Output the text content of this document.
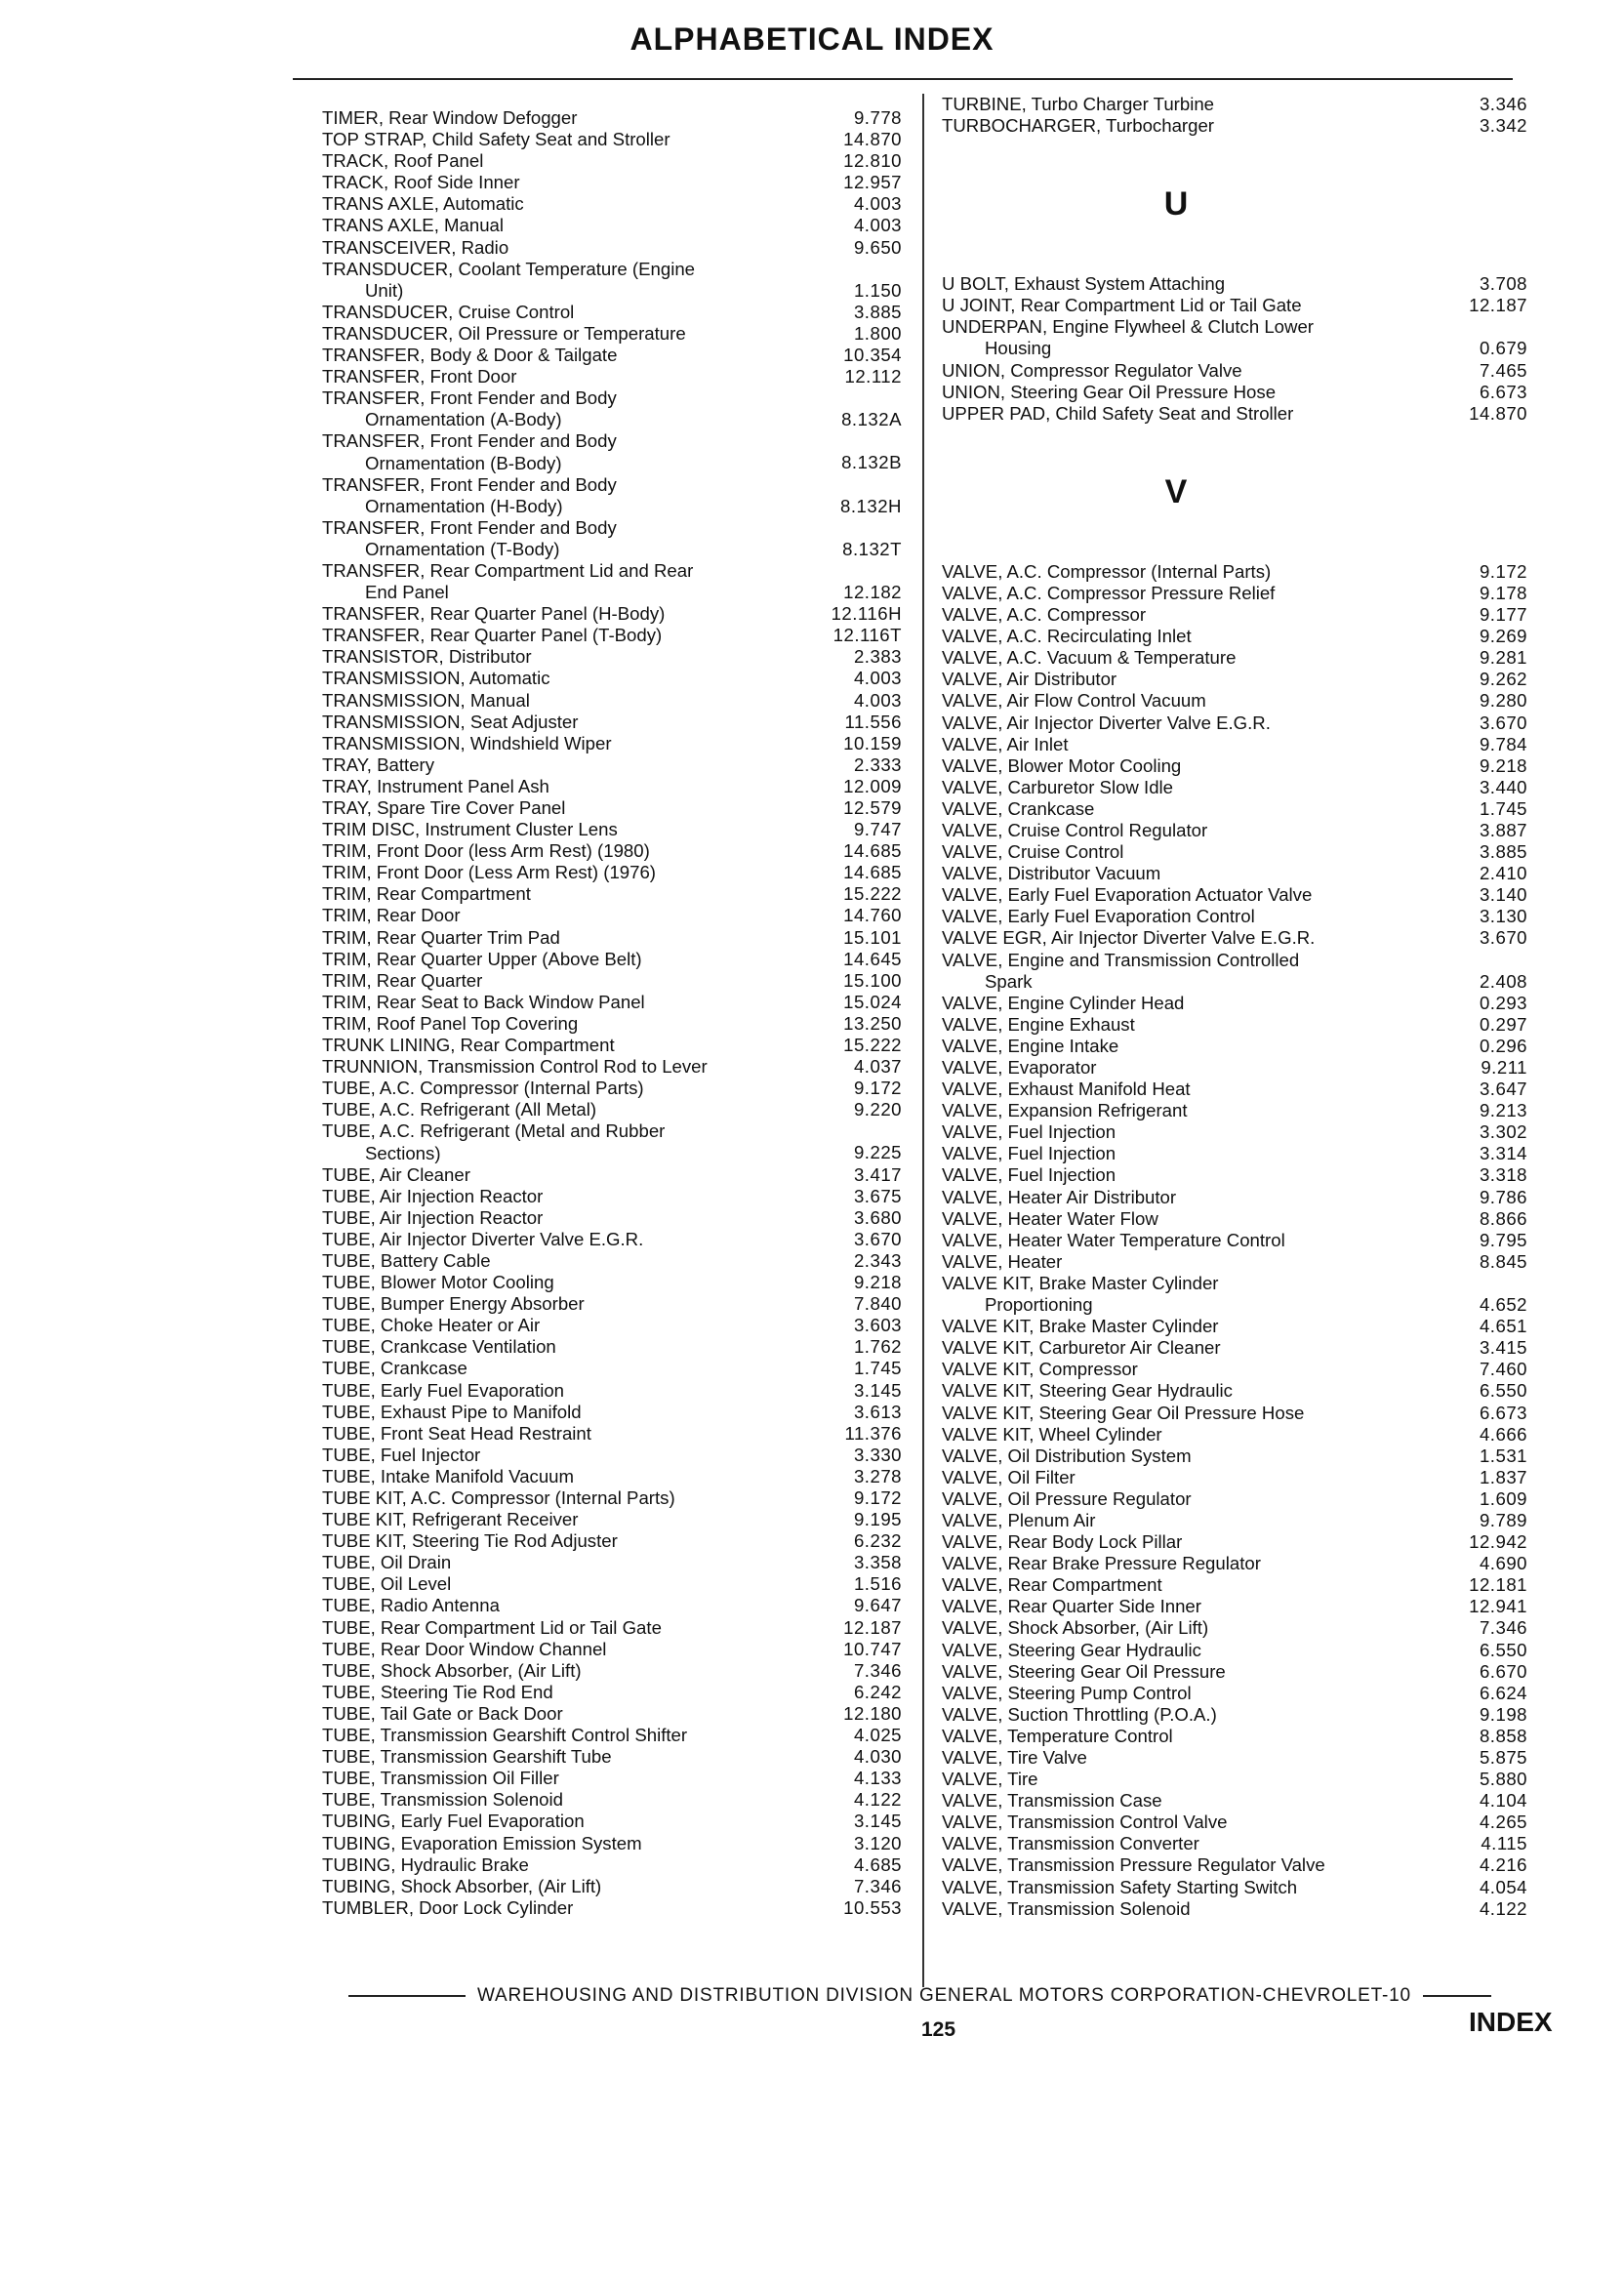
ALPHABETICAL INDEX
TIMER, Rear Window Defogger	9.778
TOP STRAP, Child Safety Seat and Stroller	14.870
TRACK, Roof Panel	12.810
TRACK, Roof Side Inner	12.957
TRANS AXLE, Automatic	4.003
TRANS AXLE, Manual	4.003
TRANSCEIVER, Radio	9.650
TRANSDUCER, Coolant Temperature (Engine
Unit)	1.150
TRANSDUCER, Cruise Control	3.885
TRANSDUCER, Oil Pressure or Temperature	1.800
TRANSFER, Body & Door & Tailgate	10.354
TRANSFER, Front Door	12.112
TRANSFER, Front Fender and Body
Ornamentation (A-Body)	8.132A
TRANSFER, Front Fender and Body
Ornamentation (B-Body)	8.132B
TRANSFER, Front Fender and Body
Ornamentation (H-Body)	8.132H
TRANSFER, Front Fender and Body
Ornamentation (T-Body)	8.132T
TRANSFER, Rear Compartment Lid and Rear
End Panel	12.182
TRANSFER, Rear Quarter Panel (H-Body)	12.116H
TRANSFER, Rear Quarter Panel (T-Body)	12.116T
TRANSISTOR, Distributor	2.383
TRANSMISSION, Automatic	4.003
TRANSMISSION, Manual	4.003
TRANSMISSION, Seat Adjuster	11.556
TRANSMISSION, Windshield Wiper	10.159
TRAY, Battery	2.333
TRAY, Instrument Panel Ash	12.009
TRAY, Spare Tire Cover Panel	12.579
TRIM DISC, Instrument Cluster Lens	9.747
TRIM, Front Door (less Arm Rest) (1980)	14.685
TRIM, Front Door (Less Arm Rest) (1976)	14.685
TRIM, Rear Compartment	15.222
TRIM, Rear Door	14.760
TRIM, Rear Quarter Trim Pad	15.101
TRIM, Rear Quarter Upper (Above Belt)	14.645
TRIM, Rear Quarter	15.100
TRIM, Rear Seat to Back Window Panel	15.024
TRIM, Roof Panel Top Covering	13.250
TRUNK LINING, Rear Compartment	15.222
TRUNNION, Transmission Control Rod to Lever	4.037
TUBE, A.C. Compressor (Internal Parts)	9.172
TUBE, A.C. Refrigerant (All Metal)	9.220
TUBE, A.C. Refrigerant (Metal and Rubber
Sections)	9.225
TUBE, Air Cleaner	3.417
TUBE, Air Injection Reactor	3.675
TUBE, Air Injection Reactor	3.680
TUBE, Air Injector Diverter Valve E.G.R.	3.670
TUBE, Battery Cable	2.343
TUBE, Blower Motor Cooling	9.218
TUBE, Bumper Energy Absorber	7.840
TUBE, Choke Heater or Air	3.603
TUBE, Crankcase Ventilation	1.762
TUBE, Crankcase	1.745
TUBE, Early Fuel Evaporation	3.145
TUBE, Exhaust Pipe to Manifold	3.613
TUBE, Front Seat Head Restraint	11.376
TUBE, Fuel Injector	3.330
TUBE, Intake Manifold Vacuum	3.278
TUBE KIT, A.C. Compressor (Internal Parts)	9.172
TUBE KIT, Refrigerant Receiver	9.195
TUBE KIT, Steering Tie Rod Adjuster	6.232
TUBE, Oil Drain	3.358
TUBE, Oil Level	1.516
TUBE, Radio Antenna	9.647
TUBE, Rear Compartment Lid or Tail Gate	12.187
TUBE, Rear Door Window Channel	10.747
TUBE, Shock Absorber, (Air Lift)	7.346
TUBE, Steering Tie Rod End	6.242
TUBE, Tail Gate or Back Door	12.180
TUBE, Transmission Gearshift Control Shifter	4.025
TUBE, Transmission Gearshift Tube	4.030
TUBE, Transmission Oil Filler	4.133
TUBE, Transmission Solenoid	4.122
TUBING, Early Fuel Evaporation	3.145
TUBING, Evaporation Emission System	3.120
TUBING, Hydraulic Brake	4.685
TUBING, Shock Absorber, (Air Lift)	7.346
TUMBLER, Door Lock Cylinder	10.553
TURBINE, Turbo Charger Turbine	3.346
TURBOCHARGER, Turbocharger	3.342
U
U BOLT, Exhaust System Attaching	3.708
U JOINT, Rear Compartment Lid or Tail Gate	12.187
UNDERPAN, Engine Flywheel & Clutch Lower
Housing	0.679
UNION, Compressor Regulator Valve	7.465
UNION, Steering Gear Oil Pressure Hose	6.673
UPPER PAD, Child Safety Seat and Stroller	14.870
V
VALVE, A.C. Compressor (Internal Parts)	9.172
VALVE, A.C. Compressor Pressure Relief	9.178
VALVE, A.C. Compressor	9.177
VALVE, A.C. Recirculating Inlet	9.269
VALVE, A.C. Vacuum & Temperature	9.281
VALVE, Air Distributor	9.262
VALVE, Air Flow Control Vacuum	9.280
VALVE, Air Injector Diverter Valve E.G.R.	3.670
VALVE, Air Inlet	9.784
VALVE, Blower Motor Cooling	9.218
VALVE, Carburetor Slow Idle	3.440
VALVE, Crankcase	1.745
VALVE, Cruise Control Regulator	3.887
VALVE, Cruise Control	3.885
VALVE, Distributor Vacuum	2.410
VALVE, Early Fuel Evaporation Actuator Valve	3.140
VALVE, Early Fuel Evaporation Control	3.130
VALVE EGR, Air Injector Diverter Valve E.G.R.	3.670
VALVE, Engine and Transmission Controlled
Spark	2.408
VALVE, Engine Cylinder Head	0.293
VALVE, Engine Exhaust	0.297
VALVE, Engine Intake	0.296
VALVE, Evaporator	9.211
VALVE, Exhaust Manifold Heat	3.647
VALVE, Expansion Refrigerant	9.213
VALVE, Fuel Injection	3.302
VALVE, Fuel Injection	3.314
VALVE, Fuel Injection	3.318
VALVE, Heater Air Distributor	9.786
VALVE, Heater Water Flow	8.866
VALVE, Heater Water Temperature Control	9.795
VALVE, Heater	8.845
VALVE KIT, Brake Master Cylinder
Proportioning	4.652
VALVE KIT, Brake Master Cylinder	4.651
VALVE KIT, Carburetor Air Cleaner	3.415
VALVE KIT, Compressor	7.460
VALVE KIT, Steering Gear Hydraulic	6.550
VALVE KIT, Steering Gear Oil Pressure Hose	6.673
VALVE KIT, Wheel Cylinder	4.666
VALVE, Oil Distribution System	1.531
VALVE, Oil Filter	1.837
VALVE, Oil Pressure Regulator	1.609
VALVE, Plenum Air	9.789
VALVE, Rear Body Lock Pillar	12.942
VALVE, Rear Brake Pressure Regulator	4.690
VALVE, Rear Compartment	12.181
VALVE, Rear Quarter Side Inner	12.941
VALVE, Shock Absorber, (Air Lift)	7.346
VALVE, Steering Gear Hydraulic	6.550
VALVE, Steering Gear Oil Pressure	6.670
VALVE, Steering Pump Control	6.624
VALVE, Suction Throttling (P.O.A.)	9.198
VALVE, Temperature Control	8.858
VALVE, Tire Valve	5.875
VALVE, Tire	5.880
VALVE, Transmission Case	4.104
VALVE, Transmission Control Valve	4.265
VALVE, Transmission Converter	4.115
VALVE, Transmission Pressure Regulator Valve	4.216
VALVE, Transmission Safety Starting Switch	4.054
VALVE, Transmission Solenoid	4.122
WAREHOUSING AND DISTRIBUTION DIVISION GENERAL MOTORS CORPORATION-CHEVROLET-10
125	INDEX
